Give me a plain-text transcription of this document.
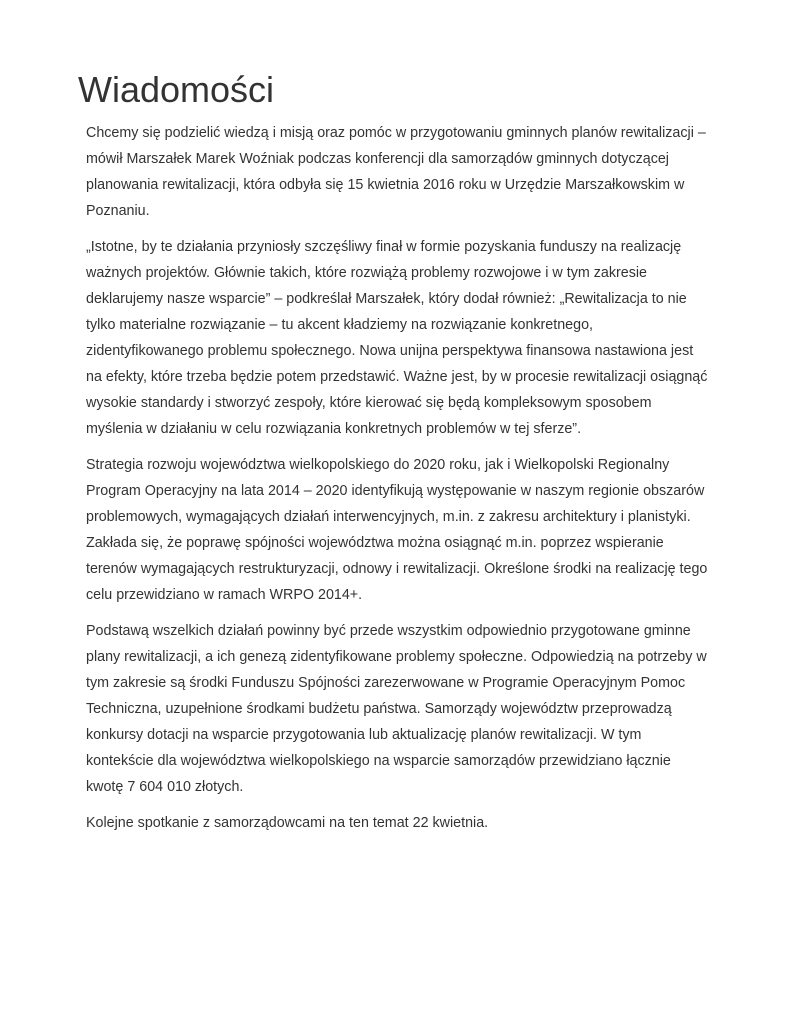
Wiadomości

Chcemy się podzielić wiedzą i misją oraz pomóc w przygotowaniu gminnych planów rewitalizacji – mówił Marszałek Marek Woźniak podczas konferencji dla samorządów gminnych dotyczącej planowania rewitalizacji, która odbyła się 15 kwietnia 2016 roku w Urzędzie Marszałkowskim w Poznaniu.

„Istotne, by te działania przyniosły szczęśliwy finał w formie pozyskania funduszy na realizację ważnych projektów. Głównie takich, które rozwiążą problemy rozwojowe i w tym zakresie deklarujemy nasze wsparcie” – podkreślał Marszałek, który dodał również: „Rewitalizacja to nie tylko materialne rozwiązanie – tu akcent kładziemy na rozwiązanie konkretnego, zidentyfikowanego problemu społecznego. Nowa unijna perspektywa finansowa nastawiona jest na efekty, które trzeba będzie potem przedstawić. Ważne jest, by w procesie rewitalizacji osiągnąć wysokie standardy i stworzyć zespoły, które kierować się będą kompleksowym sposobem myślenia w działaniu w celu rozwiązania konkretnych problemów w tej sferze”.

Strategia rozwoju województwa wielkopolskiego do 2020 roku, jak i Wielkopolski Regionalny Program Operacyjny na lata 2014 – 2020 identyfikują występowanie w naszym regionie obszarów problemowych, wymagających działań interwencyjnych, m.in. z zakresu architektury i planistyki. Zakłada się, że poprawę spójności województwa można osiągnąć m.in. poprzez wspieranie terenów wymagających restrukturyzacji, odnowy i rewitalizacji. Określone środki na realizację tego celu przewidziano w ramach WRPO 2014+.

Podstawą wszelkich działań powinny być przede wszystkim odpowiednio przygotowane gminne plany rewitalizacji, a ich genezą zidentyfikowane problemy społeczne. Odpowiedzią na potrzeby w tym zakresie są środki Funduszu Spójności zarezerwowane w Programie Operacyjnym Pomoc Techniczna, uzupełnione środkami budżetu państwa. Samorządy województw przeprowadzą konkursy dotacji na wsparcie przygotowania lub aktualizację planów rewitalizacji. W tym kontekście dla województwa wielkopolskiego na wsparcie samorządów przewidziano łącznie kwotę 7 604 010 złotych.

Kolejne spotkanie z samorządowcami na ten temat 22 kwietnia.
